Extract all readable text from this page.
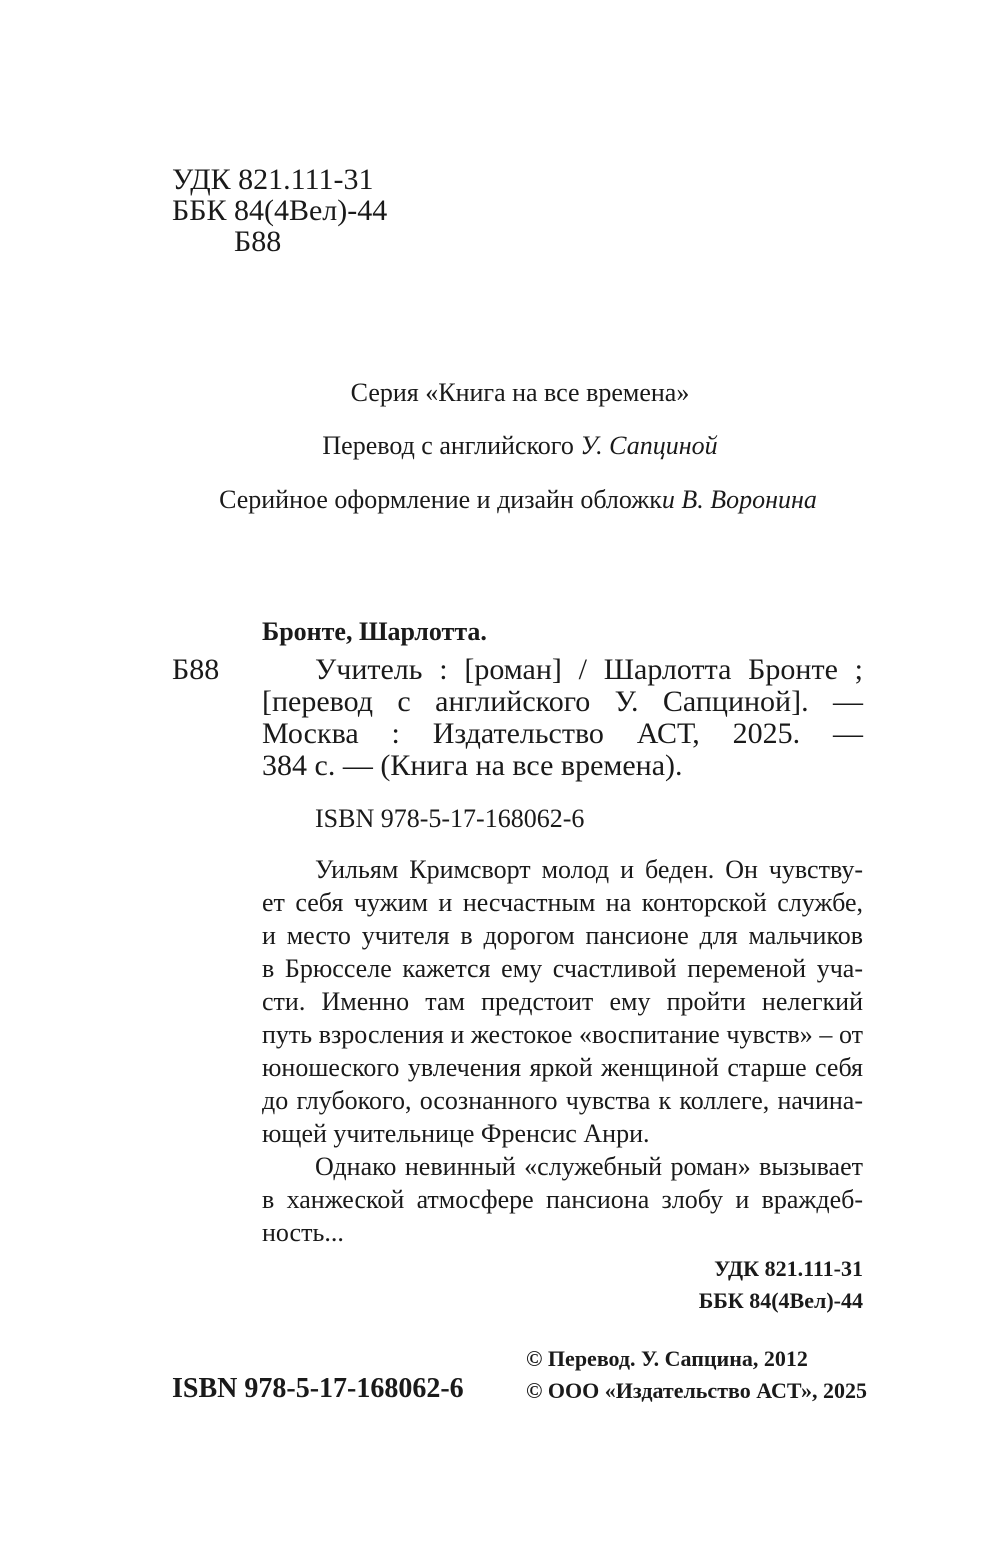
УДК 821.111-31
ББК 84(4Вел)-44
Б88
Серия «Книга на все времена»
Перевод с английского У. Сапциной
Серийное оформление и дизайн обложки В. Воронина
Бронте, Шарлотта.
Б88	Учитель : [роман] / Шарлотта Бронте ;
[перевод с английского У. Сапциной]. —
Москва : Издательство АСТ, 2025. —
384 с. — (Книга на все времена).
ISBN 978-5-17-168062-6
Уильям Кримсворт молод и беден. Он чувству-
ет себя чужим и несчастным на конторской службе,
и место учителя в дорогом пансионе для мальчиков
в Брюсселе кажется ему счастливой переменой уча-
сти. Именно там предстоит ему пройти нелегкий
путь взросления и жестокое «воспитание чувств» – от
юношеского увлечения яркой женщиной старше себя
до глубокого, осознанного чувства к коллеге, начина-
ющей учительнице Френсис Анри.
Однако невинный «служебный роман» вызывает
в ханжеской атмосфере пансиона злобу и враждеб-
ность...
УДК 821.111-31
ББК 84(4Вел)-44
ISBN 978-5-17-168062-6
© Перевод. У. Сапцина, 2012
© ООО «Издательство АСТ», 2025
